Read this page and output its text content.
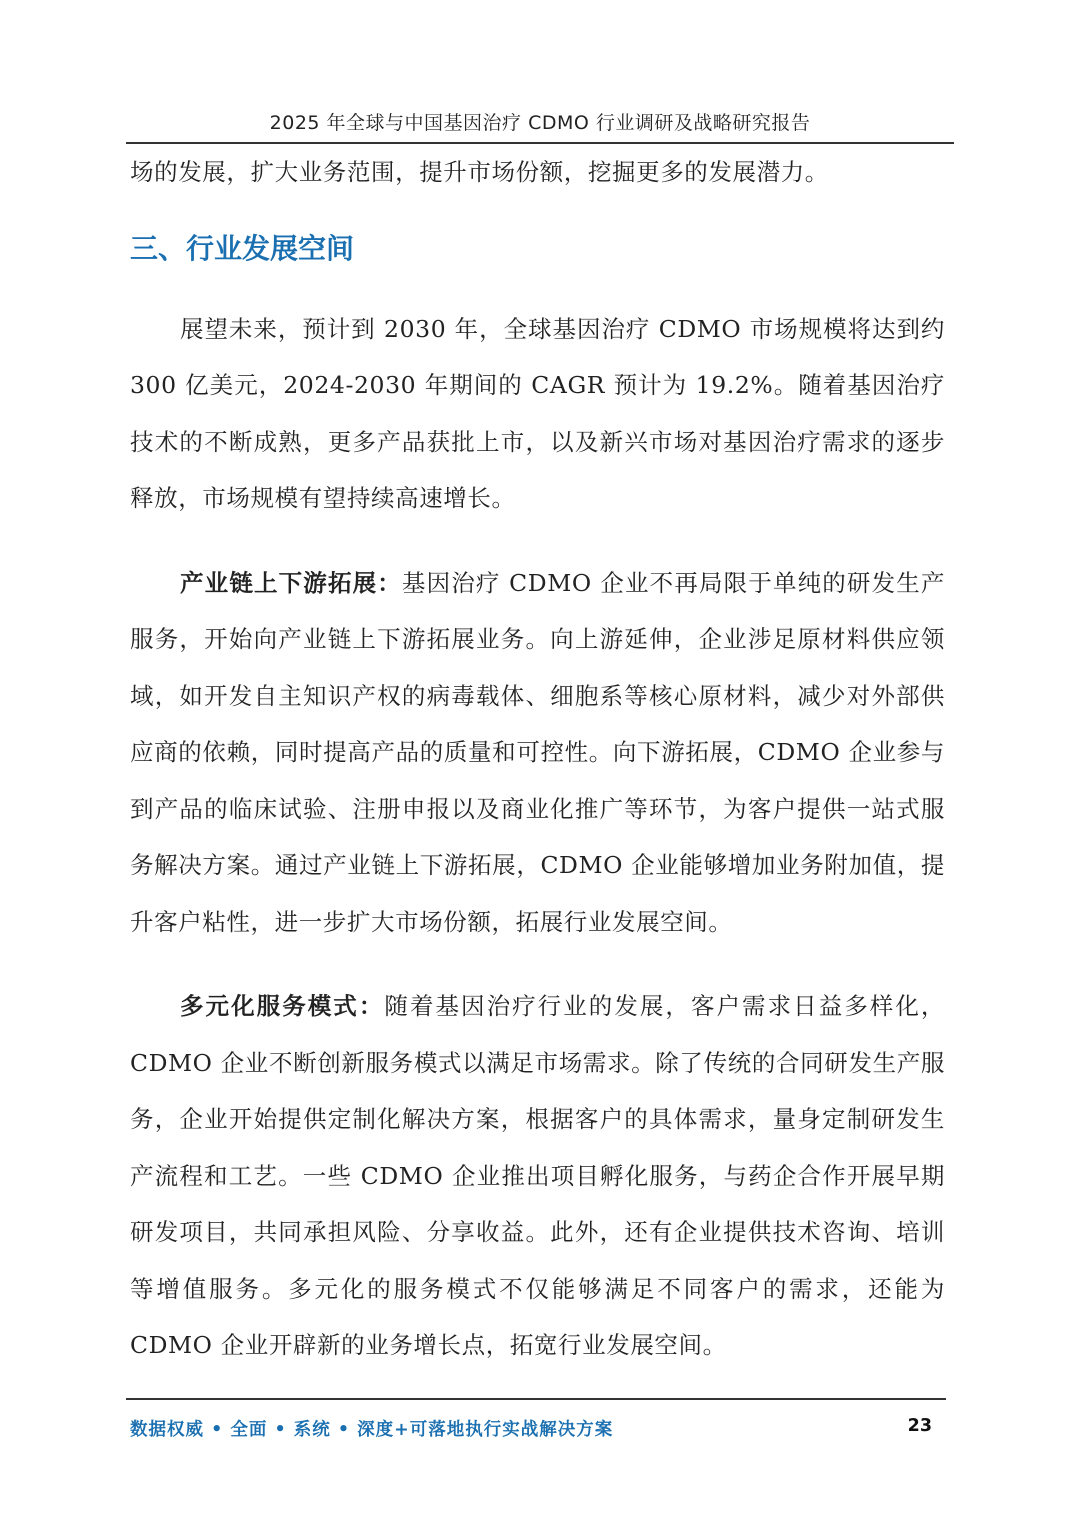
2025 年全球与中国基因治疗 CDMO 行业调研及战略研究报告

场的发展，扩大业务范围，提升市场份额，挖掘更多的发展潜力。

三、行业发展空间

展望未来，预计到 2030 年，全球基因治疗 CDMO 市场规模将达到约 300 亿美元，2024-2030 年期间的 CAGR 预计为 19.2%。随着基因治疗技术的不断成熟，更多产品获批上市，以及新兴市场对基因治疗需求的逐步释放，市场规模有望持续高速增长。

产业链上下游拓展：基因治疗 CDMO 企业不再局限于单纯的研发生产服务，开始向产业链上下游拓展业务。向上游延伸，企业涉足原材料供应领域，如开发自主知识产权的病毒载体、细胞系等核心原材料，减少对外部供应商的依赖，同时提高产品的质量和可控性。向下游拓展，CDMO 企业参与到产品的临床试验、注册申报以及商业化推广等环节，为客户提供一站式服务解决方案。通过产业链上下游拓展，CDMO 企业能够增加业务附加值，提升客户粘性，进一步扩大市场份额，拓展行业发展空间。

多元化服务模式：随着基因治疗行业的发展，客户需求日益多样化，CDMO 企业不断创新服务模式以满足市场需求。除了传统的合同研发生产服务，企业开始提供定制化解决方案，根据客户的具体需求，量身定制研发生产流程和工艺。一些 CDMO 企业推出项目孵化服务，与药企合作开展早期研发项目，共同承担风险、分享收益。此外，还有企业提供技术咨询、培训等增值服务。多元化的服务模式不仅能够满足不同客户的需求，还能为 CDMO 企业开辟新的业务增长点，拓宽行业发展空间。

数据权威 • 全面 • 系统 • 深度+可落地执行实战解决方案	23
